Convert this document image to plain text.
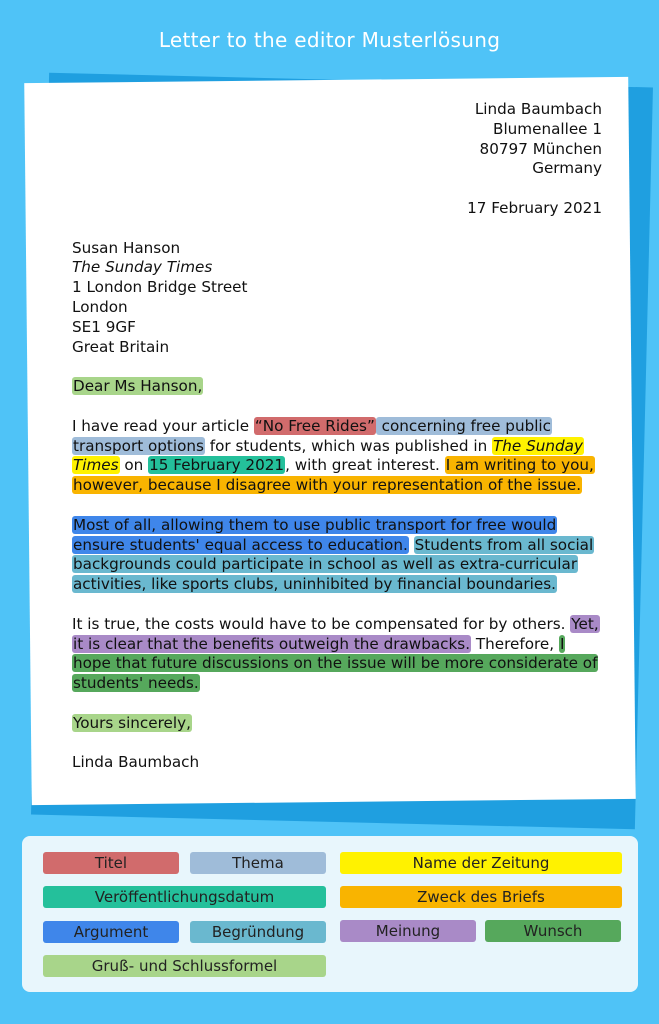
Letter to the editor Musterlösung
Linda Baumbach
Blumenallee 1
80797 München
Germany
17 February 2021
Susan Hanson
The Sunday Times
1 London Bridge Street
London
SE1 9GF
Great Britain

Dear Ms Hanson,

I have read your article “No Free Rides” concerning free public transport options for students, which was published in The Sunday Times on 15 February 2021, with great interest. I am writing to you, however, because I disagree with your representation of the issue.

Most of all, allowing them to use public transport for free would ensure students' equal access to education. Students from all social backgrounds could participate in school as well as extra-curricular activities, like sports clubs, uninhibited by financial boundaries.

It is true, the costs would have to be compensated for by others. Yet, it is clear that the benefits outweigh the drawbacks. Therefore, I hope that future discussions on the issue will be more considerate of students' needs.

Yours sincerely,

Linda Baumbach

Titel	Thema	Name der Zeitung
Veröffentlichungsdatum	Zweck des Briefs
Argument	Begründung	Meinung	Wunsch
Gruß- und Schlussformel
